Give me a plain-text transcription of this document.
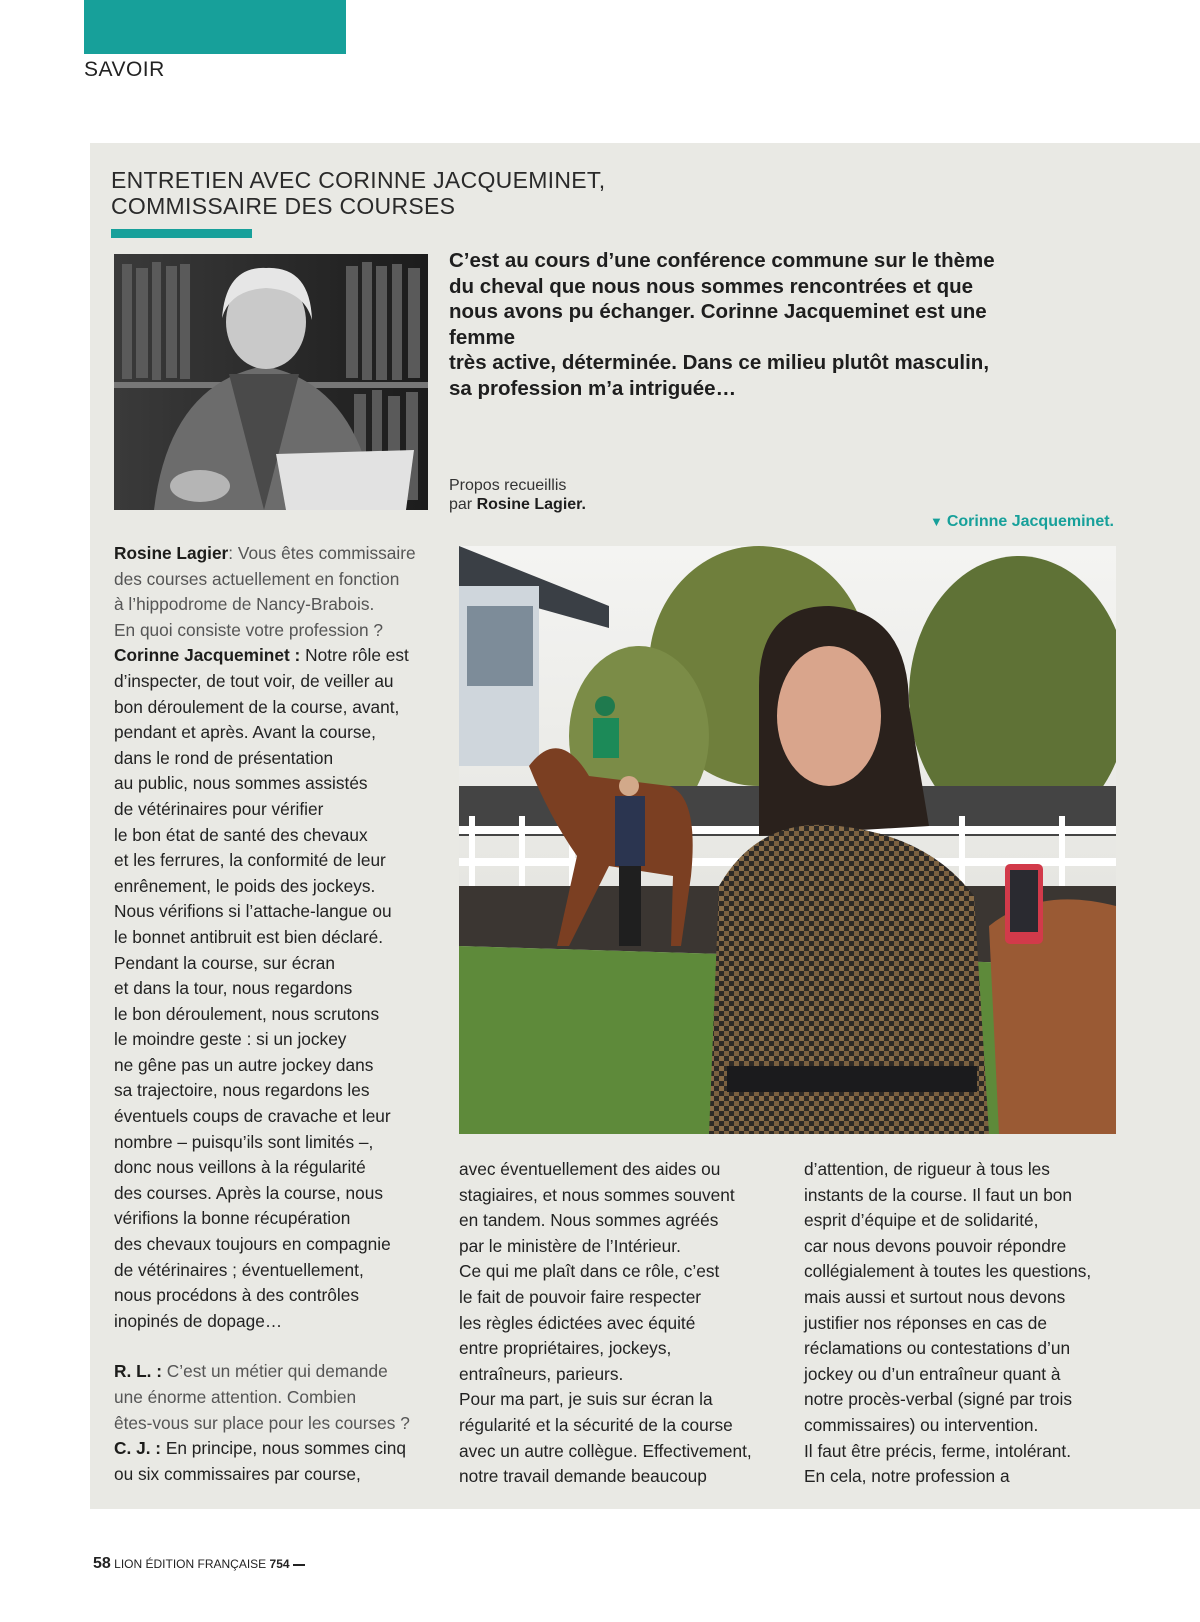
SAVOIR
ENTRETIEN AVEC CORINNE JACQUEMINET,
COMMISSAIRE DES COURSES
C’est au cours d’une conférence commune sur le thème
du cheval que nous nous sommes rencontrées et que
nous avons pu échanger. Corinne Jacqueminet est une femme
très active, déterminée. Dans ce milieu plutôt masculin,
sa profession m’a intriguée…
Propos recueillis
par Rosine Lagier.
▼ Corinne Jacqueminet.

Rosine Lagier: Vous êtes commissaire
des courses actuellement en fonction
à l’hippodrome de Nancy-Brabois.
En quoi consiste votre profession ?

Corinne Jacqueminet : Notre rôle est
d’inspecter, de tout voir, de veiller au
bon déroulement de la course, avant,
pendant et après. Avant la course,
dans le rond de présentation
au public, nous sommes assistés
de vétérinaires pour vérifier
le bon état de santé des chevaux
et les ferrures, la conformité de leur
enrênement, le poids des jockeys.
Nous vérifions si l’attache-langue ou
le bonnet antibruit est bien déclaré.
Pendant la course, sur écran
et dans la tour, nous regardons
le bon déroulement, nous scrutons
le moindre geste : si un jockey
ne gêne pas un autre jockey dans
sa trajectoire, nous regardons les
éventuels coups de cravache et leur
nombre – puisqu’ils sont limités –,
donc nous veillons à la régularité
des courses. Après la course, nous
vérifions la bonne récupération
des chevaux toujours en compagnie
de vétérinaires ; éventuellement,
nous procédons à des contrôles
inopinés de dopage…

R. L. : C’est un métier qui demande
une énorme attention. Combien
êtes-vous sur place pour les courses ?

C. J. : En principe, nous sommes cinq
ou six commissaires par course,

avec éventuellement des aides ou
stagiaires, et nous sommes souvent
en tandem. Nous sommes agréés
par le ministère de l’Intérieur.
Ce qui me plaît dans ce rôle, c’est
le fait de pouvoir faire respecter
les règles édictées avec équité
entre propriétaires, jockeys,
entraîneurs, parieurs.
Pour ma part, je suis sur écran la
régularité et la sécurité de la course
avec un autre collègue. Effectivement,
notre travail demande beaucoup

d’attention, de rigueur à tous les
instants de la course. Il faut un bon
esprit d’équipe et de solidarité,
car nous devons pouvoir répondre
collégialement à toutes les questions,
mais aussi et surtout nous devons
justifier nos réponses en cas de
réclamations ou contestations d’un
jockey ou d’un entraîneur quant à
notre procès-verbal (signé par trois
commissaires) ou intervention.
Il faut être précis, ferme, intolérant.
En cela, notre profession a

58 LION ÉDITION FRANÇAISE 754
